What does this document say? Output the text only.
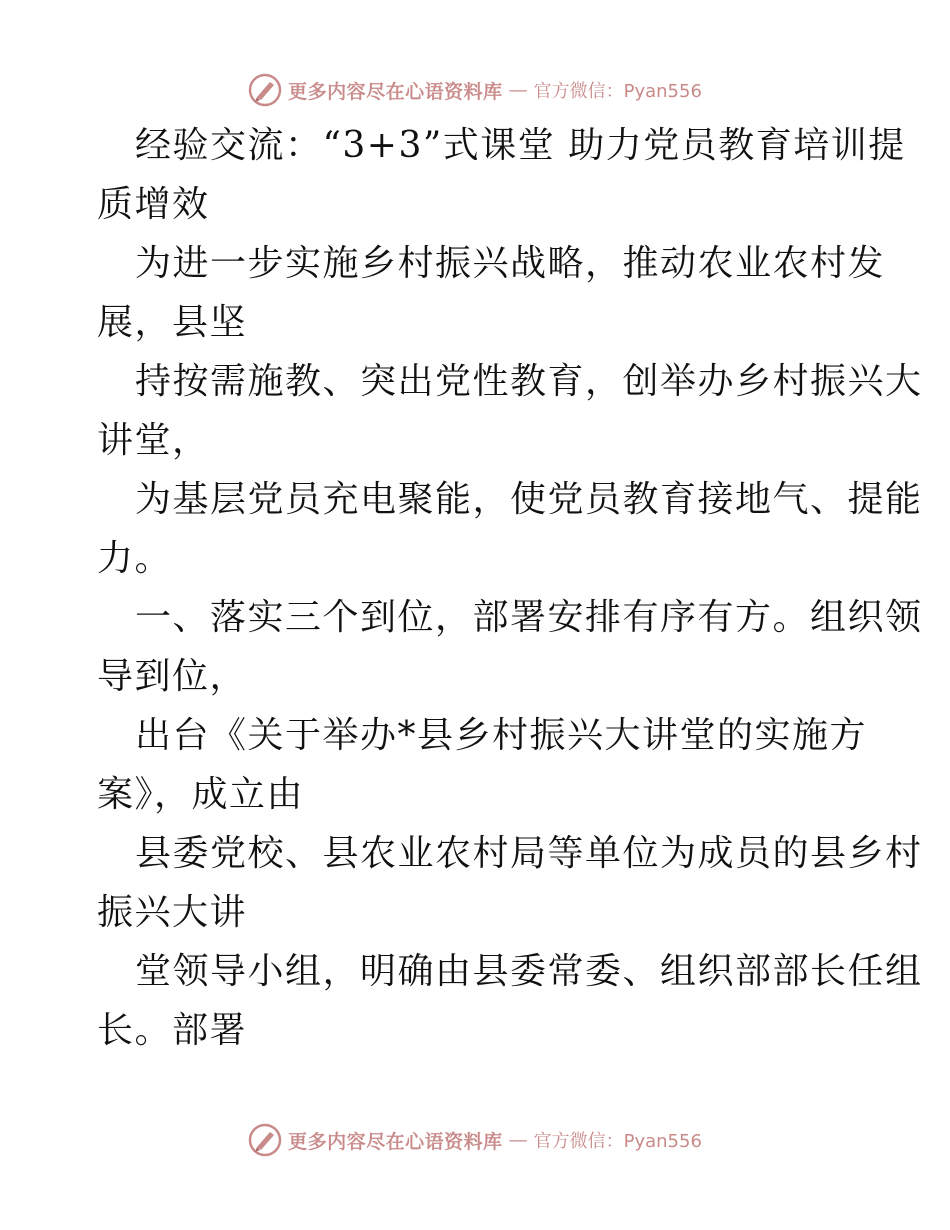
更多内容尽在心语资料库 — 官方微信：Pyan556

经验交流：“3+3”式课堂 助力党员教育培训提
质增效

为进一步实施乡村振兴战略，推动农业农村发
展，县坚

持按需施教、突出党性教育，创举办乡村振兴大
讲堂，

为基层党员充电聚能，使党员教育接地气、提能
力。

一、落实三个到位，部署安排有序有方。组织领
导到位，

出台《关于举办*县乡村振兴大讲堂的实施方
案》，成立由

县委党校、县农业农村局等单位为成员的县乡村
振兴大讲

堂领导小组，明确由县委常委、组织部部长任组
长。部署

更多内容尽在心语资料库 — 官方微信：Pyan556
